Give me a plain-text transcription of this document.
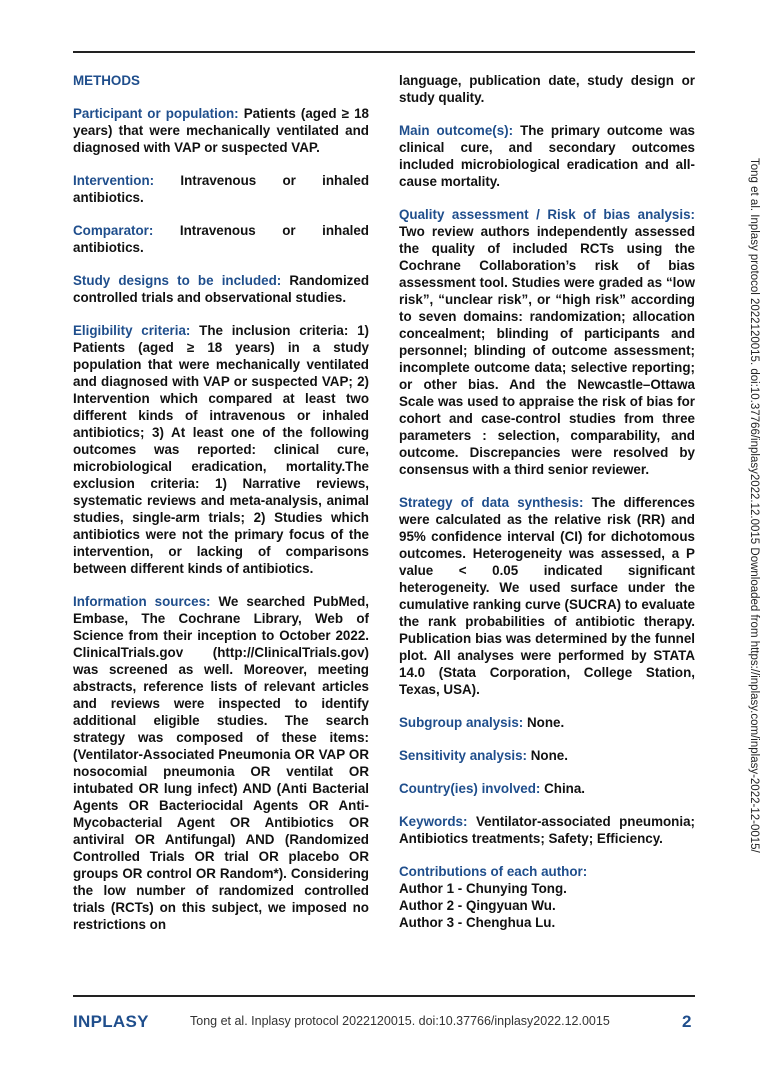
METHODS
Participant or population: Patients (aged ≥ 18 years) that were mechanically ventilated and diagnosed with VAP or suspected VAP.
Intervention: Intravenous or inhaled antibiotics.
Comparator: Intravenous or inhaled antibiotics.
Study designs to be included: Randomized controlled trials and observational studies.
Eligibility criteria: The inclusion criteria: 1) Patients (aged ≥ 18 years) in a study population that were mechanically ventilated and diagnosed with VAP or suspected VAP; 2) Intervention which compared at least two different kinds of intravenous or inhaled antibiotics; 3) At least one of the following outcomes was reported: clinical cure, microbiological eradication, mortality.The exclusion criteria: 1) Narrative reviews, systematic reviews and meta-analysis, animal studies, single-arm trials; 2) Studies which antibiotics were not the primary focus of the intervention, or lacking of comparisons between different kinds of antibiotics.
Information sources: We searched PubMed, Embase, The Cochrane Library, Web of Science from their inception to October 2022. ClinicalTrials.gov (http://ClinicalTrials.gov) was screened as well. Moreover, meeting abstracts, reference lists of relevant articles and reviews were inspected to identify additional eligible studies. The search strategy was composed of these items: (Ventilator-Associated Pneumonia OR VAP OR nosocomial pneumonia OR ventilat OR intubated OR lung infect) AND (Anti Bacterial Agents OR Bacteriocidal Agents OR Anti-Mycobacterial Agent OR Antibiotics OR antiviral OR Antifungal) AND (Randomized Controlled Trials OR trial OR placebo OR groups OR control OR Random*). Considering the low number of randomized controlled trials (RCTs) on this subject, we imposed no restrictions on
language, publication date, study design or study quality.
Main outcome(s): The primary outcome was clinical cure, and secondary outcomes included microbiological eradication and all-cause mortality.
Quality assessment / Risk of bias analysis: Two review authors independently assessed the quality of included RCTs using the Cochrane Collaboration’s risk of bias assessment tool. Studies were graded as “low risk”, “unclear risk”, or “high risk” according to seven domains: randomization; allocation concealment; blinding of participants and personnel; blinding of outcome assessment; incomplete outcome data; selective reporting; or other bias. And the Newcastle–Ottawa Scale was used to appraise the risk of bias for cohort and case-control studies from three parameters : selection, comparability, and outcome. Discrepancies were resolved by consensus with a third senior reviewer.
Strategy of data synthesis: The differences were calculated as the relative risk (RR) and 95% confidence interval (CI) for dichotomous outcomes. Heterogeneity was assessed, a P value < 0.05 indicated significant heterogeneity. We used surface under the cumulative ranking curve (SUCRA) to evaluate the rank probabilities of antibiotic therapy. Publication bias was determined by the funnel plot. All analyses were performed by STATA 14.0 (Stata Corporation, College Station, Texas, USA).
Subgroup analysis: None.
Sensitivity analysis: None.
Country(ies) involved: China.
Keywords: Ventilator-associated pneumonia; Antibiotics treatments; Safety; Efficiency.
Contributions of each author:
Author 1 - Chunying Tong.
Author 2 - Qingyuan Wu.
Author 3 - Chenghua Lu.
Tong et al. Inplasy protocol 2022120015. doi:10.37766/inplasy2022.12.0015 Downloaded from https://inplasy.com/inplasy-2022-12-0015/
INPLASY	Tong et al. Inplasy protocol 2022120015. doi:10.37766/inplasy2022.12.0015	2
